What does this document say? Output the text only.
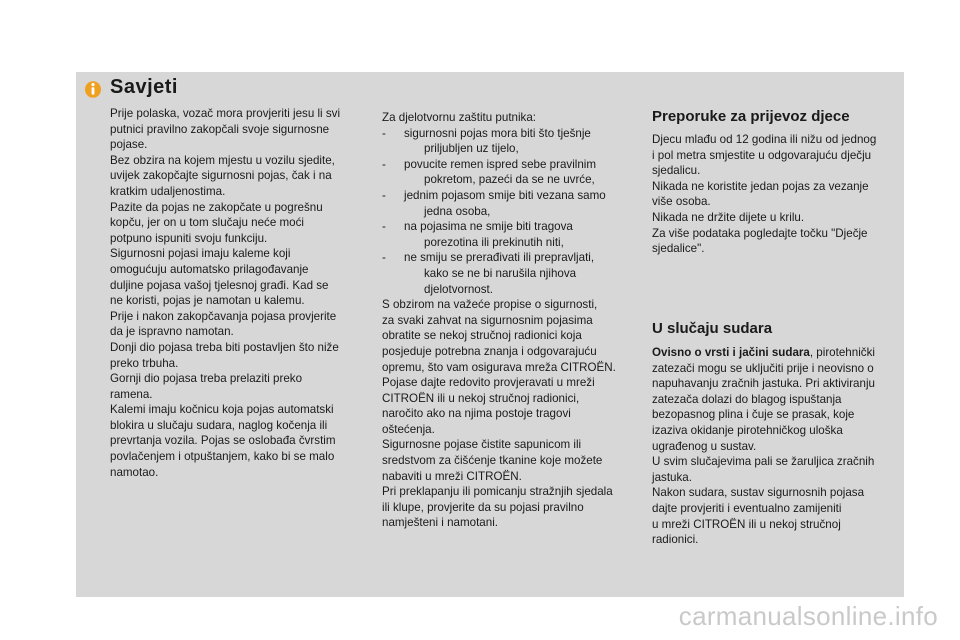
Savjeti

Prije polaska, vozač mora provjeriti jesu li svi

putnici pravilno zakopčali svoje sigurnosne

pojase.

Bez obzira na kojem mjestu u vozilu sjedite,

uvijek zakopčajte sigurnosni pojas, čak i na

kratkim udaljenostima.

Pazite da pojas ne zakopčate u pogrešnu

kopču, jer on u tom slučaju neće moći

potpuno ispuniti svoju funkciju.

Sigurnosni pojasi imaju kaleme koji

omogućuju automatsko prilagođavanje

duljine pojasa vašoj tjelesnoj građi. Kad se

ne koristi, pojas je namotan u kalemu.

Prije i nakon zakopčavanja pojasa provjerite

da je ispravno namotan.

Donji dio pojasa treba biti postavljen što niže

preko trbuha.

Gornji dio pojasa treba prelaziti preko

ramena.

Kalemi imaju kočnicu koja pojas automatski

blokira u slučaju sudara, naglog kočenja ili

prevrtanja vozila. Pojas se oslobađa čvrstim

povlačenjem i otpuštanjem, kako bi se malo

namotao.

Za djelotvornu zaštitu putnika:

-	sigurnosni pojas mora biti što tješnje
priljubljen uz tijelo,
-	povucite remen ispred sebe pravilnim
pokretom, pazeći da se ne uvrće,
-	jednim pojasom smije biti vezana samo
jedna osoba,
-	na pojasima ne smije biti tragova
porezotina ili prekinutih niti,
-	ne smiju se prerađivati ili prepravljati,
kako se ne bi narušila njihova
djelotvornost.

S obzirom na važeće propise o sigurnosti,

za svaki zahvat na sigurnosnim pojasima

obratite se nekoj stručnoj radionici koja

posjeduje potrebna znanja i odgovarajuću

opremu, što vam osigurava mreža CITROËN.

Pojase dajte redovito provjeravati u mreži

CITROËN ili u nekoj stručnoj radionici,

naročito ako na njima postoje tragovi

oštećenja.

Sigurnosne pojase čistite sapunicom ili

sredstvom za čišćenje tkanine koje možete

nabaviti u mreži CITROËN.

Pri preklapanju ili pomicanju stražnjih sjedala

ili klupe, provjerite da su pojasi pravilno

namješteni i namotani.

Preporuke za prijevoz djece

Djecu mlađu od 12 godina ili nižu od jednog

i pol metra smjestite u odgovarajuću dječju

sjedalicu.

Nikada ne koristite jedan pojas za vezanje

više osoba.

Nikada ne držite dijete u krilu.

Za više podataka pogledajte točku "Dječje

sjedalice".

U slučaju sudara

Ovisno o vrsti i jačini sudara, pirotehnički

zatezači mogu se uključiti prije i neovisno o

napuhavanju zračnih jastuka. Pri aktiviranju

zatezača dolazi do blagog ispuštanja

bezopasnog plina i čuje se prasak, koje

izaziva okidanje pirotehničkog uloška

ugrađenog u sustav.

U svim slučajevima pali se žaruljica zračnih

jastuka.

Nakon sudara, sustav sigurnosnih pojasa

dajte provjeriti i eventualno zamijeniti

u mreži CITROËN ili u nekoj stručnoj

radionici.

carmanualsonline.info
